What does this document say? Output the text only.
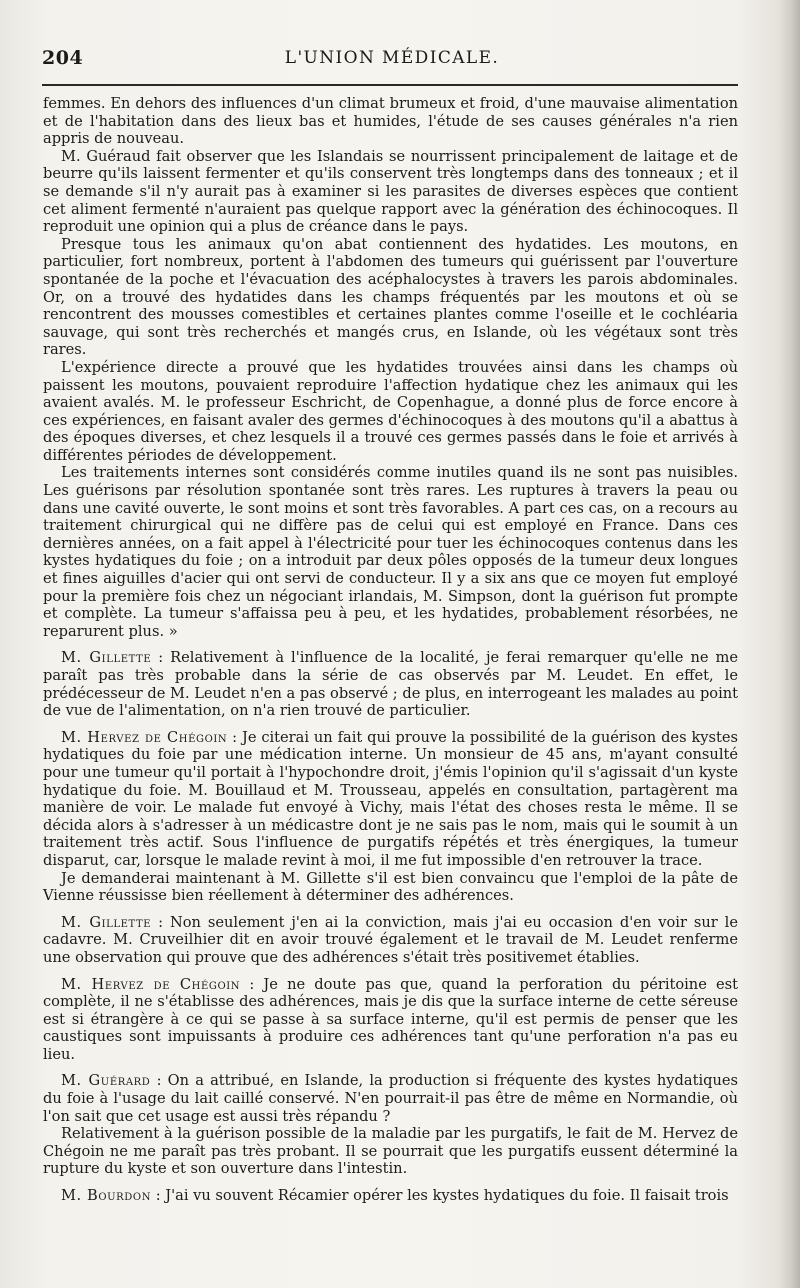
204	L'UNION MÉDICALE.

femmes. En dehors des influences d'un climat brumeux et froid, d'une mauvaise alimentation et de l'habitation dans des lieux bas et humides, l'étude de ses causes générales n'a rien appris de nouveau.

M. Guéraud fait observer que les Islandais se nourrissent principalement de laitage et de beurre qu'ils laissent fermenter et qu'ils conservent très longtemps dans des tonneaux ; et il se demande s'il n'y aurait pas à examiner si les parasites de diverses espèces que contient cet aliment fermenté n'auraient pas quelque rapport avec la génération des échinocoques. Il reproduit une opinion qui a plus de créance dans le pays.

Presque tous les animaux qu'on abat contiennent des hydatides. Les moutons, en particulier, fort nombreux, portent à l'abdomen des tumeurs qui guérissent par l'ouverture spontanée de la poche et l'évacuation des acéphalocystes à travers les parois abdominales. Or, on a trouvé des hydatides dans les champs fréquentés par les moutons et où se rencontrent des mousses comestibles et certaines plantes comme l'oseille et le cochléaria sauvage, qui sont très recherchés et mangés crus, en Islande, où les végétaux sont très rares.

L'expérience directe a prouvé que les hydatides trouvées ainsi dans les champs où paissent les moutons, pouvaient reproduire l'affection hydatique chez les animaux qui les avaient avalés. M. le professeur Eschricht, de Copenhague, a donné plus de force encore à ces expériences, en faisant avaler des germes d'échinocoques à des moutons qu'il a abattus à des époques diverses, et chez lesquels il a trouvé ces germes passés dans le foie et arrivés à différentes périodes de développement.

Les traitements internes sont considérés comme inutiles quand ils ne sont pas nuisibles. Les guérisons par résolution spontanée sont très rares. Les ruptures à travers la peau ou dans une cavité ouverte, le sont moins et sont très favorables. A part ces cas, on a recours au traitement chirurgical qui ne diffère pas de celui qui est employé en France. Dans ces dernières années, on a fait appel à l'électricité pour tuer les échinocoques contenus dans les kystes hydatiques du foie ; on a introduit par deux pôles opposés de la tumeur deux longues et fines aiguilles d'acier qui ont servi de conducteur. Il y a six ans que ce moyen fut employé pour la première fois chez un négociant irlandais, M. Simpson, dont la guérison fut prompte et complète. La tumeur s'affaissa peu à peu, et les hydatides, probablement résorbées, ne reparurent plus. »

M. Gillette : Relativement à l'influence de la localité, je ferai remarquer qu'elle ne me paraît pas très probable dans la série de cas observés par M. Leudet. En effet, le prédécesseur de M. Leudet n'en a pas observé ; de plus, en interrogeant les malades au point de vue de l'alimentation, on n'a rien trouvé de particulier.

M. Hervez de Chégoin : Je citerai un fait qui prouve la possibilité de la guérison des kystes hydatiques du foie par une médication interne. Un monsieur de 45 ans, m'ayant consulté pour une tumeur qu'il portait à l'hypochondre droit, j'émis l'opinion qu'il s'agissait d'un kyste hydatique du foie. M. Bouillaud et M. Trousseau, appelés en consultation, partagèrent ma manière de voir. Le malade fut envoyé à Vichy, mais l'état des choses resta le même. Il se décida alors à s'adresser à un médicastre dont je ne sais pas le nom, mais qui le soumit à un traitement très actif. Sous l'influence de purgatifs répétés et très énergiques, la tumeur disparut, car, lorsque le malade revint à moi, il me fut impossible d'en retrouver la trace.

Je demanderai maintenant à M. Gillette s'il est bien convaincu que l'emploi de la pâte de Vienne réussisse bien réellement à déterminer des adhérences.

M. Gillette : Non seulement j'en ai la conviction, mais j'ai eu occasion d'en voir sur le cadavre. M. Cruveilhier dit en avoir trouvé également et le travail de M. Leudet renferme une observation qui prouve que des adhérences s'était très positivemet établies.

M. Hervez de Chégoin : Je ne doute pas que, quand la perforation du péritoine est complète, il ne s'établisse des adhérences, mais je dis que la surface interne de cette séreuse est si étrangère à ce qui se passe à sa surface interne, qu'il est permis de penser que les caustiques sont impuissants à produire ces adhérences tant qu'une perforation n'a pas eu lieu.

M. Guérard : On a attribué, en Islande, la production si fréquente des kystes hydatiques du foie à l'usage du lait caillé conservé. N'en pourrait-il pas être de même en Normandie, où l'on sait que cet usage est aussi très répandu ?

Relativement à la guérison possible de la maladie par les purgatifs, le fait de M. Hervez de Chégoin ne me paraît pas très probant. Il se pourrait que les purgatifs eussent déterminé la rupture du kyste et son ouverture dans l'intestin.

M. Bourdon : J'ai vu souvent Récamier opérer les kystes hydatiques du foie. Il faisait trois
